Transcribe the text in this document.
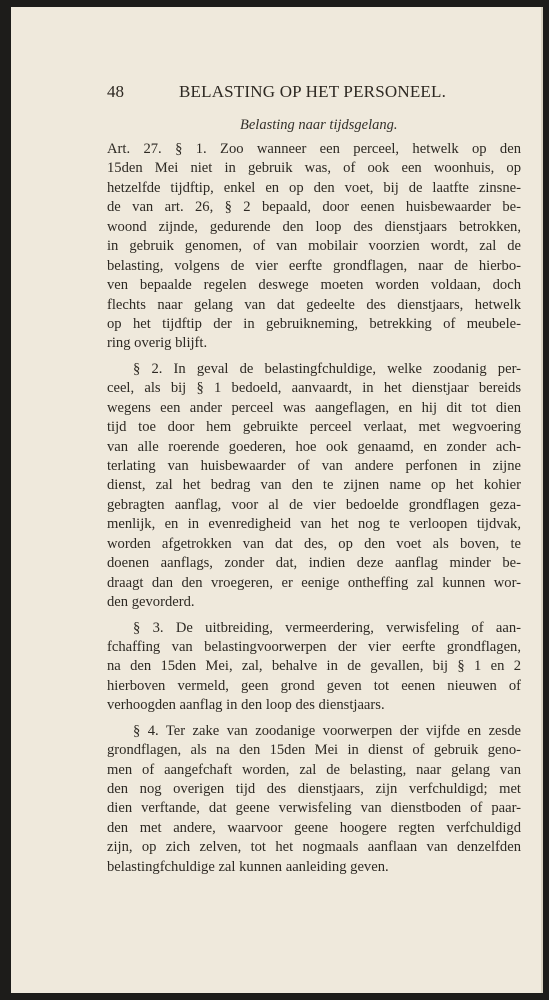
48	BELASTING OP HET PERSONEEL.
Belasting naar tijdsgelang.
Art. 27. § 1. Zoo wanneer een perceel, hetwelk op den
15den Mei niet in gebruik was, of ook een woonhuis, op
hetzelfde tijdftip, enkel en op den voet, bij de laatfte zinsne-
de van art. 26, § 2 bepaald, door eenen huisbewaarder be-
woond zijnde, gedurende den loop des dienstjaars betrokken,
in gebruik genomen, of van mobilair voorzien wordt, zal de
belasting, volgens de vier eerfte grondflagen, naar de hierbo-
ven bepaalde regelen deswege moeten worden voldaan, doch
flechts naar gelang van dat gedeelte des dienstjaars, hetwelk
op het tijdftip der in gebruikneming, betrekking of meubele-
ring overig blijft.
§ 2. In geval de belastingfchuldige, welke zoodanig per-
ceel, als bij § 1 bedoeld, aanvaardt, in het dienstjaar bereids
wegens een ander perceel was aangeflagen, en hij dit tot dien
tijd toe door hem gebruikte perceel verlaat, met wegvoering
van alle roerende goederen, hoe ook genaamd, en zonder ach-
terlating van huisbewaarder of van andere perfonen in zijne
dienst, zal het bedrag van den te zijnen name op het kohier
gebragten aanflag, voor al de vier bedoelde grondflagen geza-
menlijk, en in evenredigheid van het nog te verloopen tijdvak,
worden afgetrokken van dat des, op den voet als boven, te
doenen aanflags, zonder dat, indien deze aanflag minder be-
draagt dan den vroegeren, er eenige ontheffing zal kunnen wor-
den gevorderd.
§ 3. De uitbreiding, vermeerdering, verwisfeling of aan-
fchaffing van belastingvoorwerpen der vier eerfte grondflagen,
na den 15den Mei, zal, behalve in de gevallen, bij § 1 en 2
hierboven vermeld, geen grond geven tot eenen nieuwen of
verhoogden aanflag in den loop des dienstjaars.
§ 4. Ter zake van zoodanige voorwerpen der vijfde en zesde
grondflagen, als na den 15den Mei in dienst of gebruik geno-
men of aangefchaft worden, zal de belasting, naar gelang van
den nog overigen tijd des dienstjaars, zijn verfchuldigd; met
dien verftande, dat geene verwisfeling van dienstboden of paar-
den met andere, waarvoor geene hoogere regten verfchuldigd
zijn, op zich zelven, tot het nogmaals aanflaan van denzelfden
belastingfchuldige zal kunnen aanleiding geven.
